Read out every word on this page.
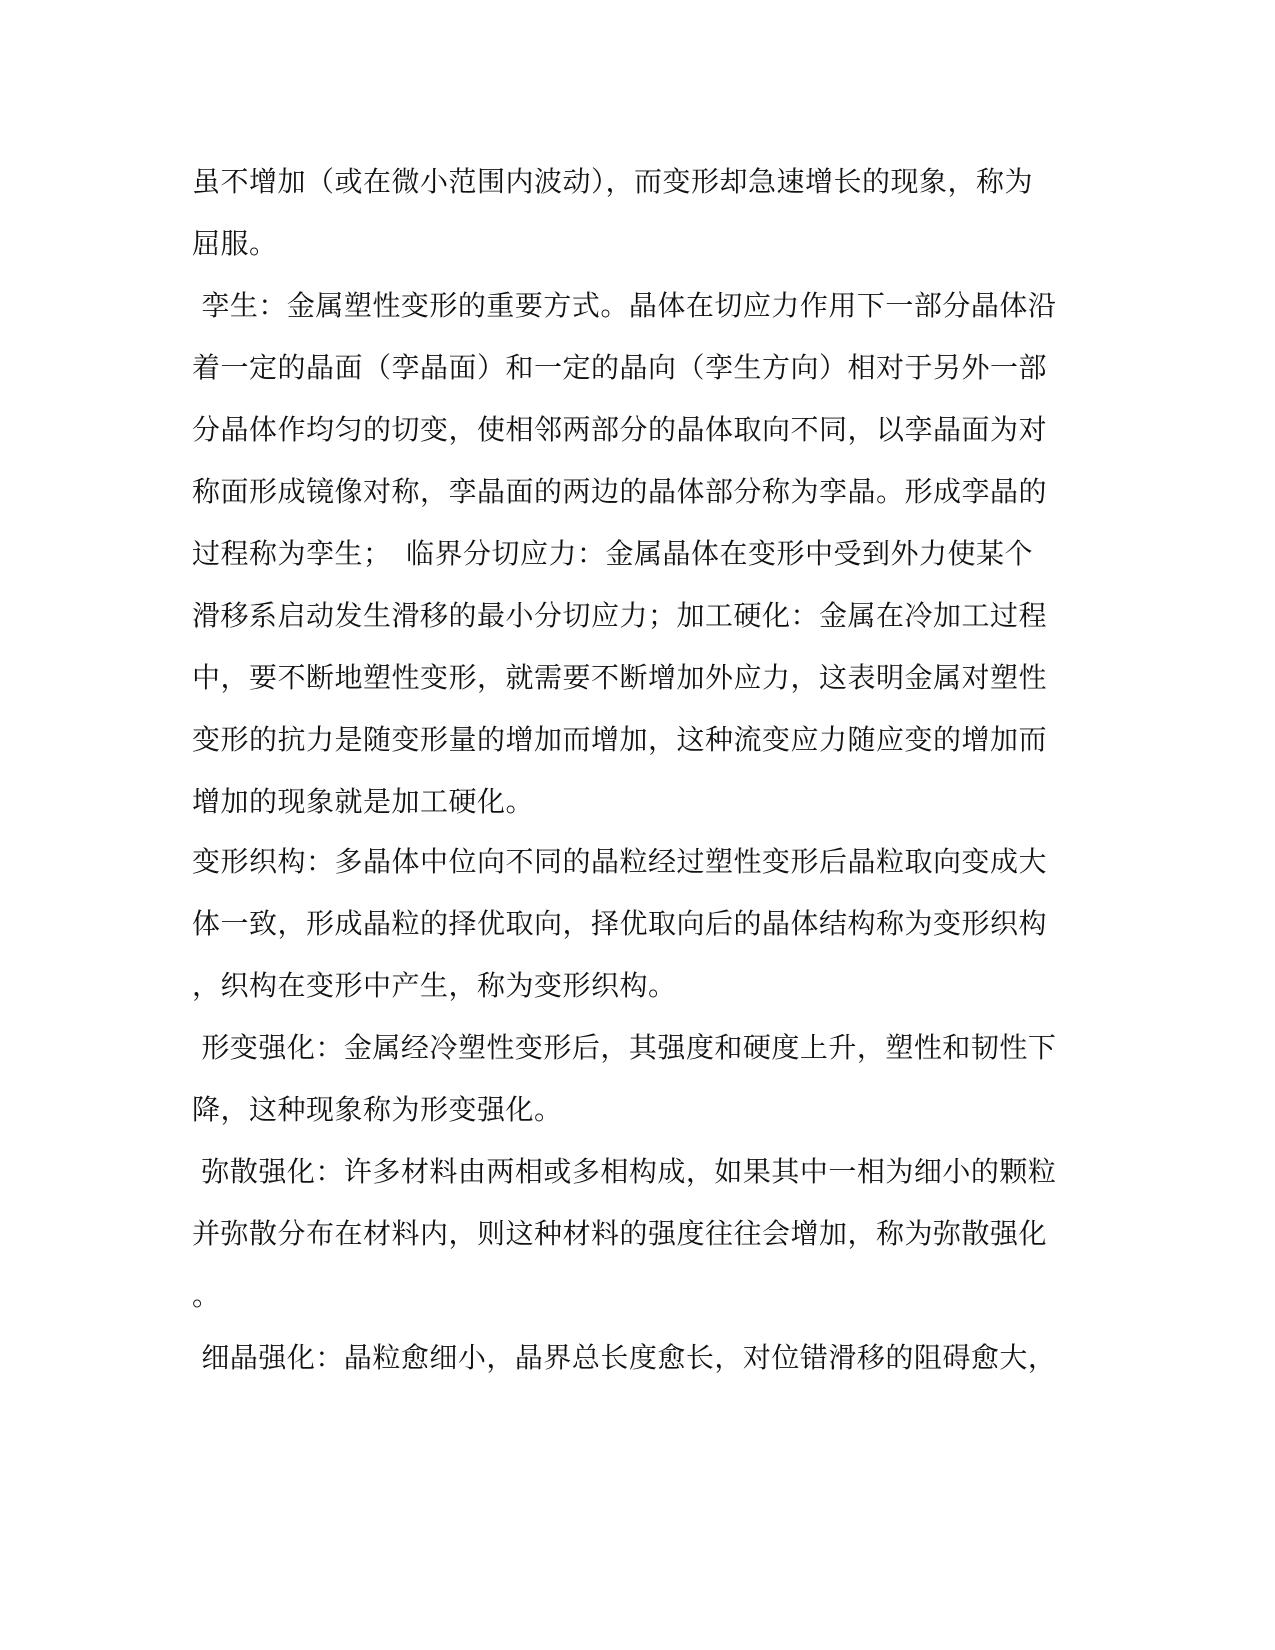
虽不增加（或在微小范围内波动），而变形却急速增长的现象，称为
屈服。
孪生：金属塑性变形的重要方式。晶体在切应力作用下一部分晶体沿
着一定的晶面（孪晶面）和一定的晶向（孪生方向）相对于另外一部
分晶体作均匀的切变，使相邻两部分的晶体取向不同，以孪晶面为对
称面形成镜像对称，孪晶面的两边的晶体部分称为孪晶。形成孪晶的
过程称为孪生；　临界分切应力：金属晶体在变形中受到外力使某个
滑移系启动发生滑移的最小分切应力；加工硬化：金属在冷加工过程
中，要不断地塑性变形，就需要不断增加外应力，这表明金属对塑性
变形的抗力是随变形量的增加而增加，这种流变应力随应变的增加而
增加的现象就是加工硬化。
变形织构：多晶体中位向不同的晶粒经过塑性变形后晶粒取向变成大
体一致，形成晶粒的择优取向，择优取向后的晶体结构称为变形织构
，织构在变形中产生，称为变形织构。
形变强化：金属经冷塑性变形后，其强度和硬度上升，塑性和韧性下
降，这种现象称为形变强化。
弥散强化：许多材料由两相或多相构成，如果其中一相为细小的颗粒
并弥散分布在材料内，则这种材料的强度往往会增加，称为弥散强化
。
细晶强化：晶粒愈细小，晶界总长度愈长，对位错滑移的阻碍愈大，
